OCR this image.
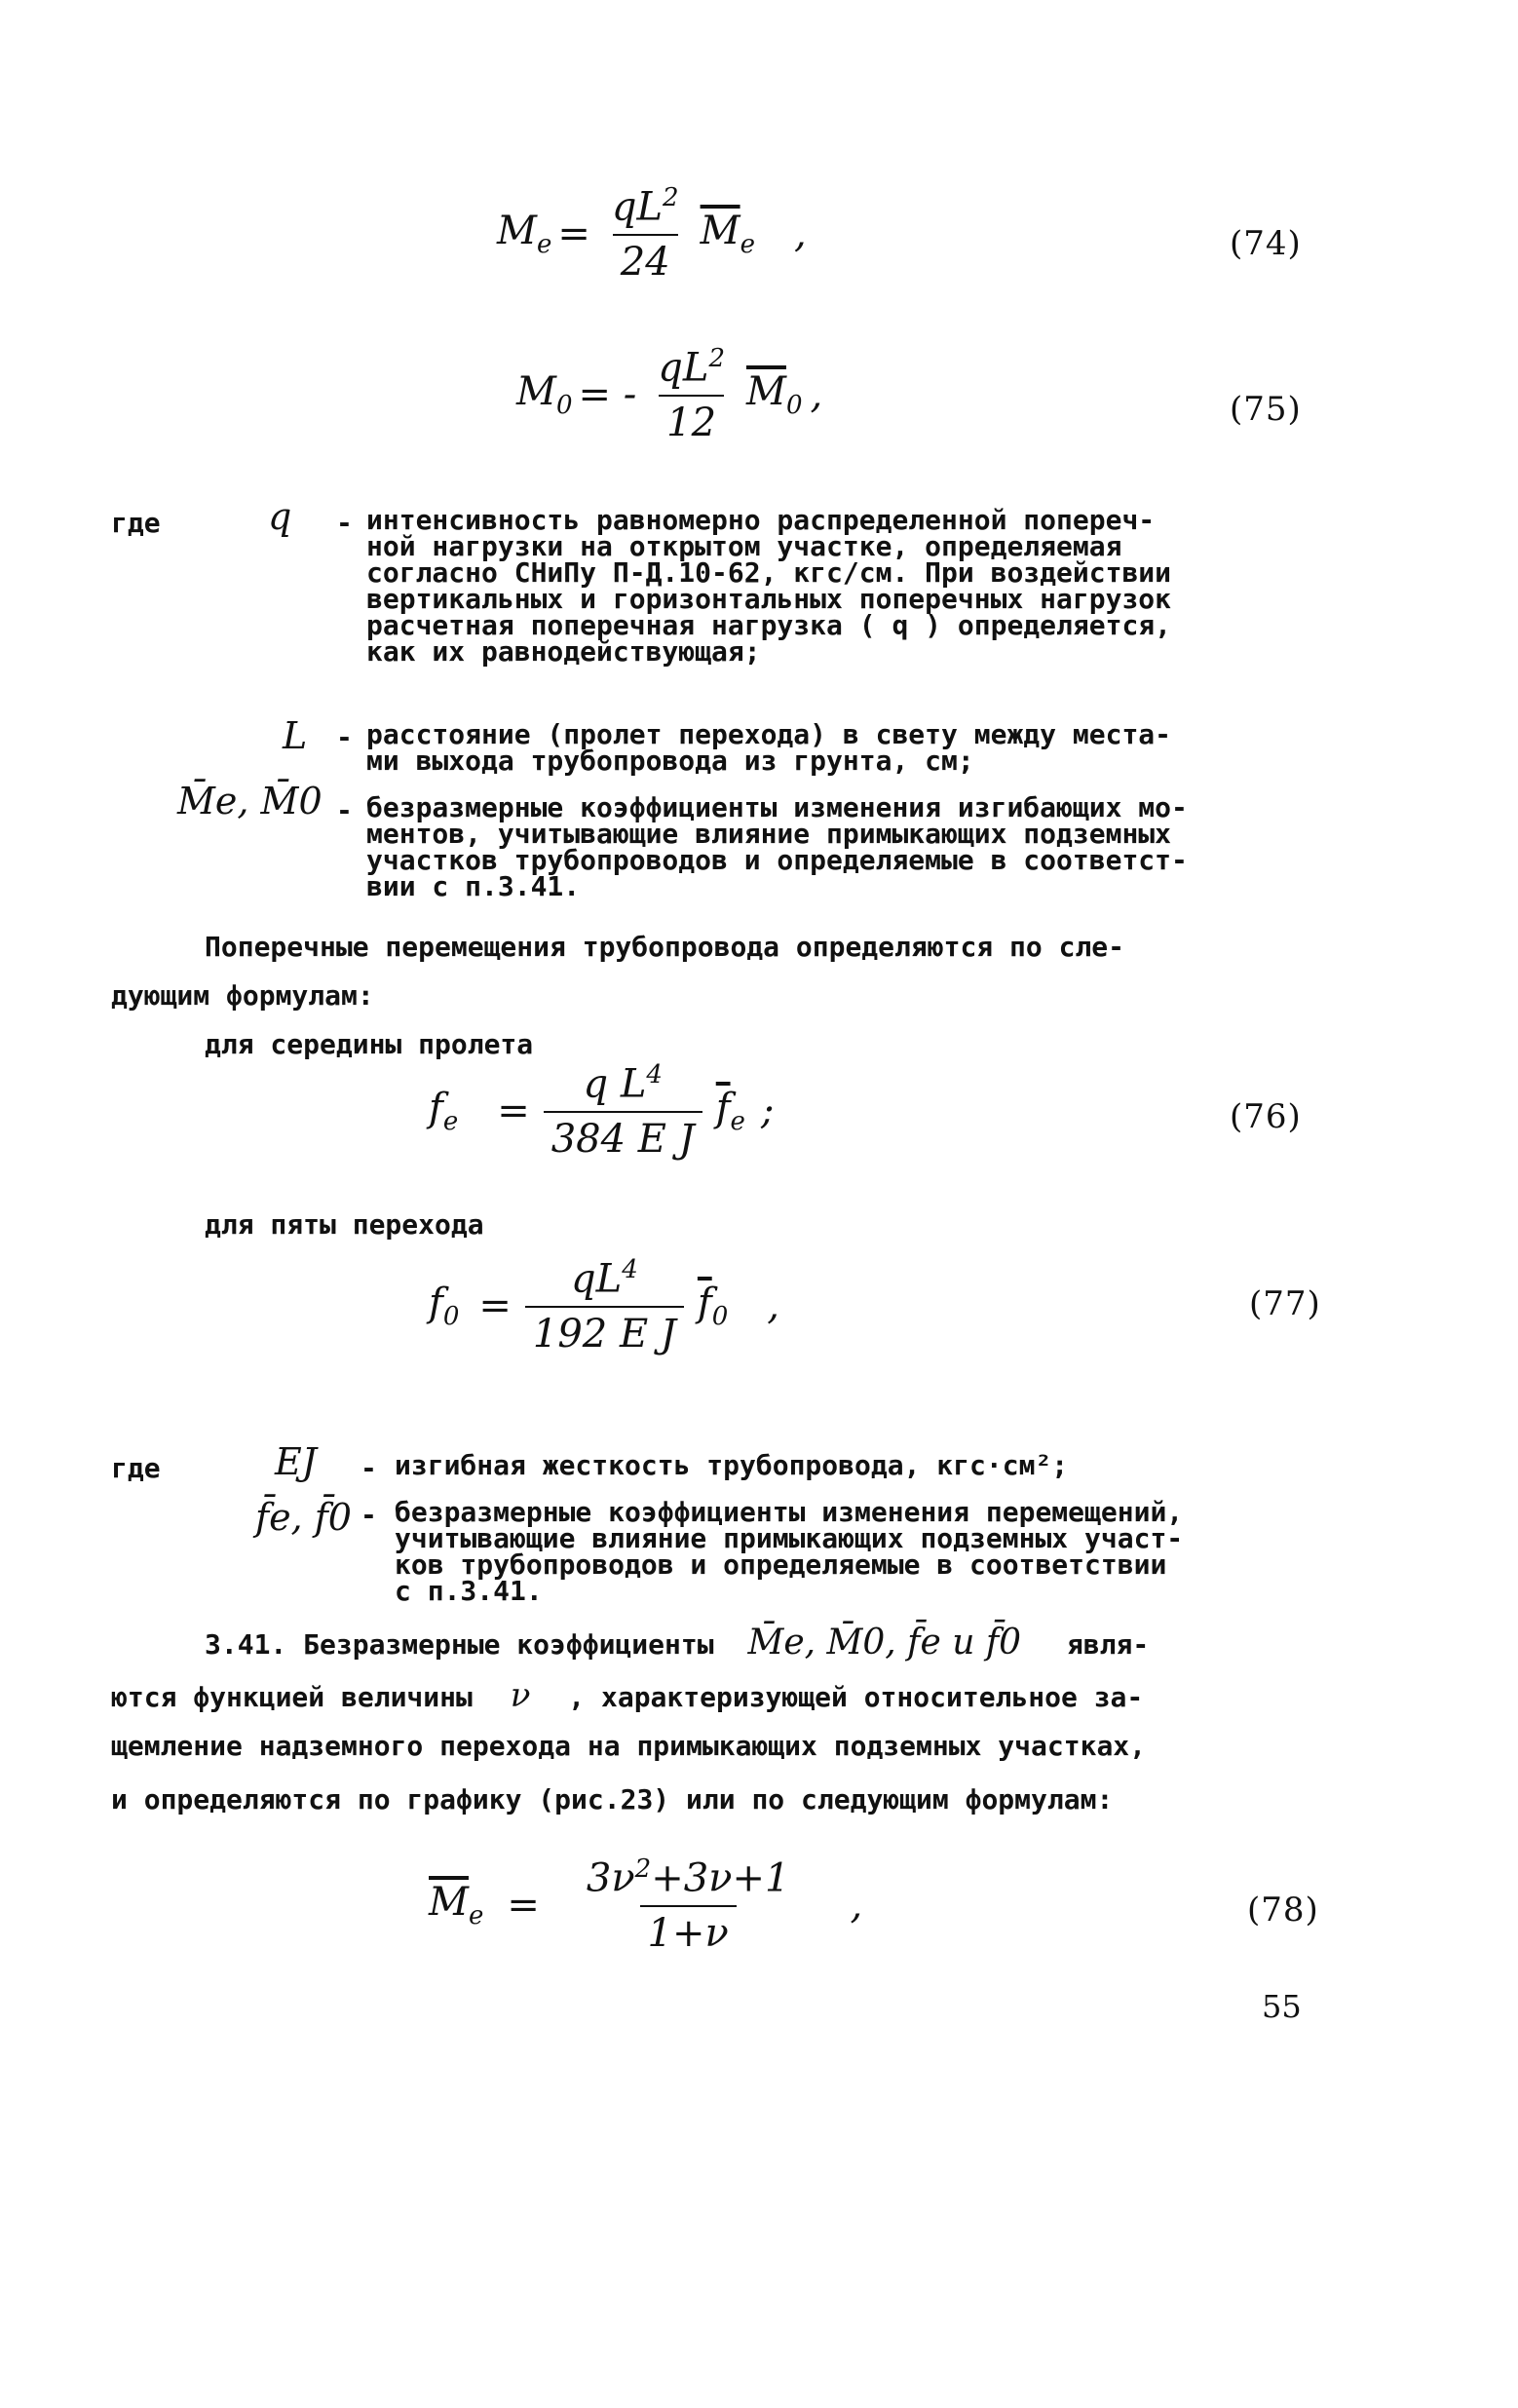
$M_e = \frac{qL^2}{24} \overline{M}_e$ ,	(74)
$M_0$ = - $\frac{qL^2}{12} \overline{M}_0$ ,	(75)
где	q - интенсивность равномерно распределенной попереч-
ной нагрузки на открытом участке, определяемая
согласно СНиПу П-Д.10-62, кгс/см. При воздействии
вертикальных и горизонтальных поперечных нагрузок
расчетная поперечная нагрузка ( q ) определяется,
как их равнодействующая;
L - расстояние (пролет перехода) в свету между места-
ми выхода трубопровода из грунта, см;
M̄e, M̄0 - безразмерные коэффициенты изменения изгибающих мо-
ментов, учитывающие влияние примыкающих подземных
участков трубопроводов и определяемые в соответст-
вии с п.3.41.
Поперечные перемещения трубопровода определяются по сле-
дующим формулам:
для середины пролета
$f_e = \frac{q L^4}{\text{384 E J}} \overline{f}_e$ ;	(76)
для пяты перехода
$f_0 = \frac{qL^4}{\text{192 E J}} \overline{f}_0$ ,	(77)
где	EJ - изгибная жесткость трубопровода, кгс·см²;
f̄e, f̄0 - безразмерные коэффициенты изменения перемещений,
учитывающие влияние примыкающих подземных участ-
ков трубопроводов и определяемые в соответствии
с п.3.41.
3.41. Безразмерные коэффициенты M̄e, M̄0, f̄e и f̄0 явля-
ются функцией величины ν , характеризующей относительное за-
щемление надземного перехода на примыкающих подземных участках,
и определяются по графику (рис.23) или по следующим формулам:
$\overline{M}_e = \frac{3\nu^2+3\nu+1}{1+\nu}$ ,	(78)
55
